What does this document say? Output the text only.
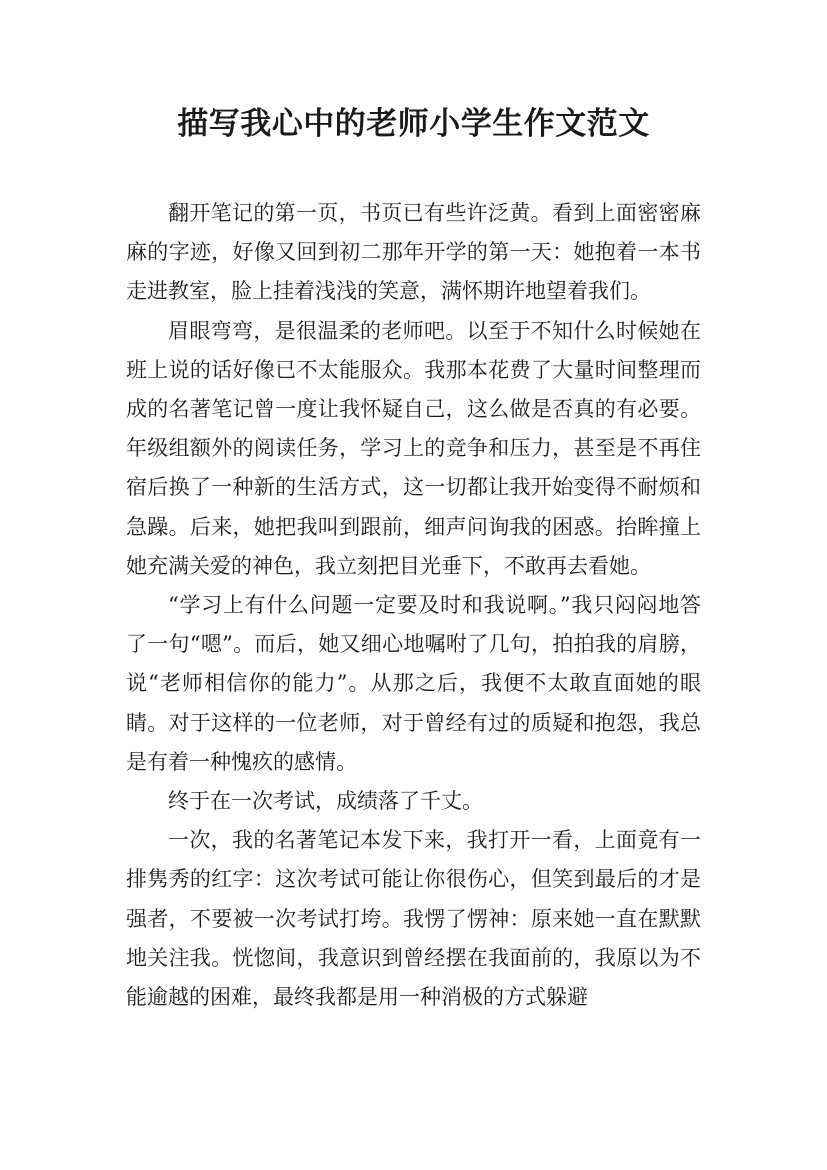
描写我心中的老师小学生作文范文

翻开笔记的第一页，书页已有些许泛黄。看到上面密密麻麻的字迹，好像又回到初二那年开学的第一天：她抱着一本书走进教室，脸上挂着浅浅的笑意，满怀期许地望着我们。

眉眼弯弯，是很温柔的老师吧。以至于不知什么时候她在班上说的话好像已不太能服众。我那本花费了大量时间整理而成的名著笔记曾一度让我怀疑自己，这么做是否真的有必要。年级组额外的阅读任务，学习上的竞争和压力，甚至是不再住宿后换了一种新的生活方式，这一切都让我开始变得不耐烦和急躁。后来，她把我叫到跟前，细声问询我的困惑。抬眸撞上她充满关爱的神色，我立刻把目光垂下，不敢再去看她。

“学习上有什么问题一定要及时和我说啊。”我只闷闷地答了一句“嗯”。而后，她又细心地嘱咐了几句，拍拍我的肩膀，说“老师相信你的能力”。从那之后，我便不太敢直面她的眼睛。对于这样的一位老师，对于曾经有过的质疑和抱怨，我总是有着一种愧疚的感情。

终于在一次考试，成绩落了千丈。

一次，我的名著笔记本发下来，我打开一看，上面竟有一排隽秀的红字：这次考试可能让你很伤心，但笑到最后的才是强者，不要被一次考试打垮。我愣了愣神：原来她一直在默默地关注我。恍惚间，我意识到曾经摆在我面前的，我原以为不能逾越的困难，最终我都是用一种消极的方式躲避
